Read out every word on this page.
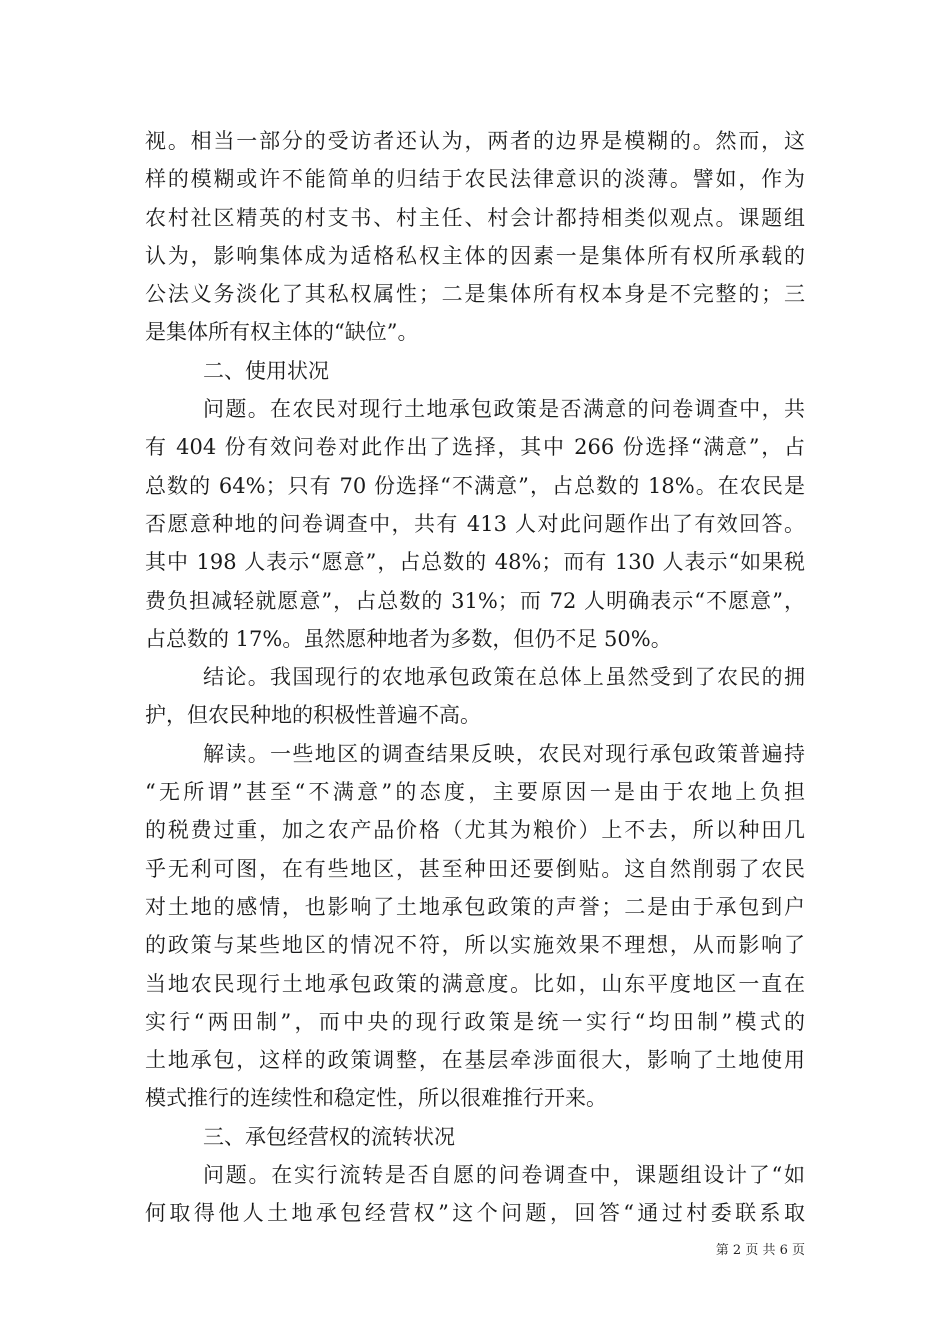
视。相当一部分的受访者还认为，两者的边界是模糊的。然而，这
样的模糊或许不能简单的归结于农民法律意识的淡薄。譬如，作为
农村社区精英的村支书、村主任、村会计都持相类似观点。课题组
认为，影响集体成为适格私权主体的因素一是集体所有权所承载的
公法义务淡化了其私权属性；二是集体所有权本身是不完整的；三
是集体所有权主体的“缺位”。
二、使用状况
问题。在农民对现行土地承包政策是否满意的问卷调查中，共
有 404 份有效问卷对此作出了选择，其中 266 份选择“满意”，占
总数的 64%；只有 70 份选择“不满意”，占总数的 18%。在农民是
否愿意种地的问卷调查中，共有 413 人对此问题作出了有效回答。
其中 198 人表示“愿意”，占总数的 48%；而有 130 人表示“如果税
费负担减轻就愿意”，占总数的 31%；而 72 人明确表示“不愿意”，
占总数的 17%。虽然愿种地者为多数，但仍不足 50%。
结论。我国现行的农地承包政策在总体上虽然受到了农民的拥
护，但农民种地的积极性普遍不高。
解读。一些地区的调查结果反映，农民对现行承包政策普遍持
“无所谓”甚至“不满意”的态度，主要原因一是由于农地上负担
的税费过重，加之农产品价格（尤其为粮价）上不去，所以种田几
乎无利可图，在有些地区，甚至种田还要倒贴。这自然削弱了农民
对土地的感情，也影响了土地承包政策的声誉；二是由于承包到户
的政策与某些地区的情况不符，所以实施效果不理想，从而影响了
当地农民现行土地承包政策的满意度。比如，山东平度地区一直在
实行“两田制”，而中央的现行政策是统一实行“均田制”模式的
土地承包，这样的政策调整，在基层牵涉面很大，影响了土地使用
模式推行的连续性和稳定性，所以很难推行开来。
三、承包经营权的流转状况
问题。在实行流转是否自愿的问卷调查中，课题组设计了“如
何取得他人土地承包经营权”这个问题，回答“通过村委联系取
第 2 页 共 6 页
